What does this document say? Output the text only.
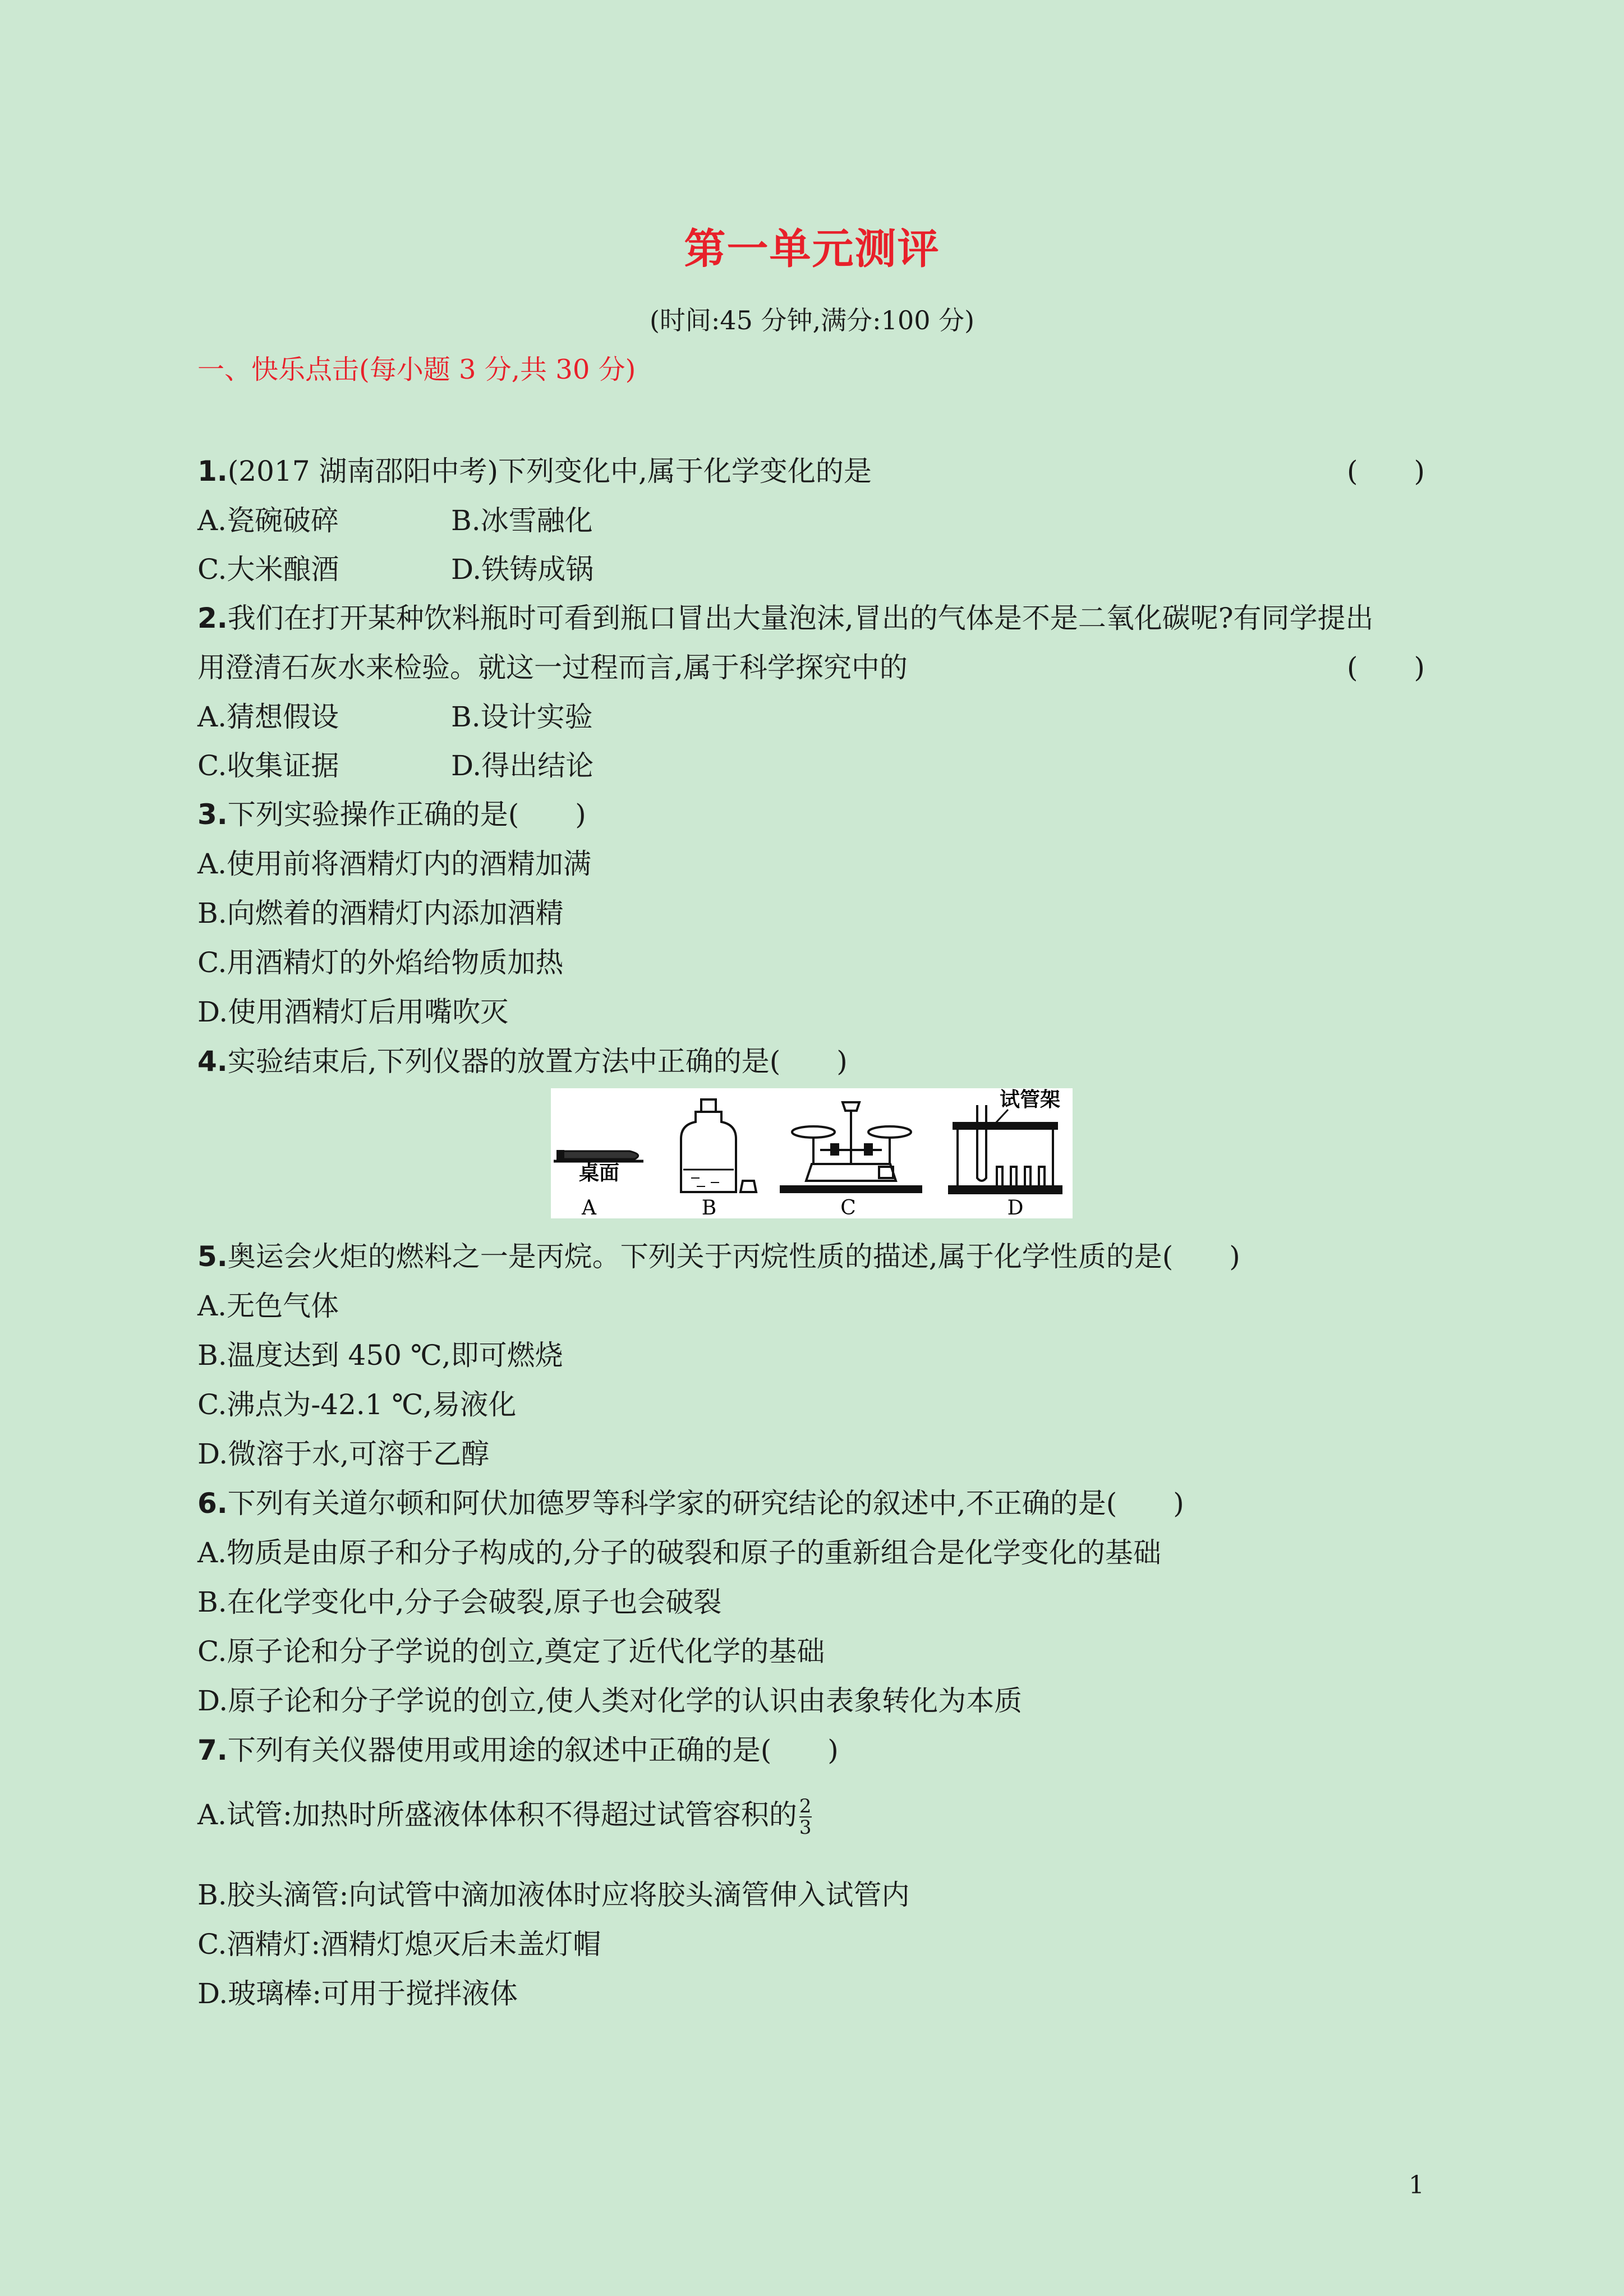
第一单元测评
(时间:45 分钟,满分:100 分)
一、快乐点击(每小题 3 分,共 30 分)
1.(2017 湖南邵阳中考)下列变化中,属于化学变化的是	(　　)
A.瓷碗破碎	B.冰雪融化
C.大米酿酒	D.铁铸成锅
2.我们在打开某种饮料瓶时可看到瓶口冒出大量泡沫,冒出的气体是不是二氧化碳呢?有同学提出
用澄清石灰水来检验。就这一过程而言,属于科学探究中的	(　　)
A.猜想假设	B.设计实验
C.收集证据	D.得出结论
3.下列实验操作正确的是(　　)
A.使用前将酒精灯内的酒精加满
B.向燃着的酒精灯内添加酒精
C.用酒精灯的外焰给物质加热
D.使用酒精灯后用嘴吹灭
4.实验结束后,下列仪器的放置方法中正确的是(　　)
桌面
试管架
A	B	C	D
5.奥运会火炬的燃料之一是丙烷。下列关于丙烷性质的描述,属于化学性质的是(　　)
A.无色气体
B.温度达到 450 ℃,即可燃烧
C.沸点为-42.1 ℃,易液化
D.微溶于水,可溶于乙醇
6.下列有关道尔顿和阿伏加德罗等科学家的研究结论的叙述中,不正确的是(　　)
A.物质是由原子和分子构成的,分子的破裂和原子的重新组合是化学变化的基础
B.在化学变化中,分子会破裂,原子也会破裂
C.原子论和分子学说的创立,奠定了近代化学的基础
D.原子论和分子学说的创立,使人类对化学的认识由表象转化为本质
7.下列有关仪器使用或用途的叙述中正确的是(　　)
A.试管:加热时所盛液体体积不得超过试管容积的 $\frac{2}{3}$
B.胶头滴管:向试管中滴加液体时应将胶头滴管伸入试管内
C.酒精灯:酒精灯熄灭后未盖灯帽
D.玻璃棒:可用于搅拌液体
1
